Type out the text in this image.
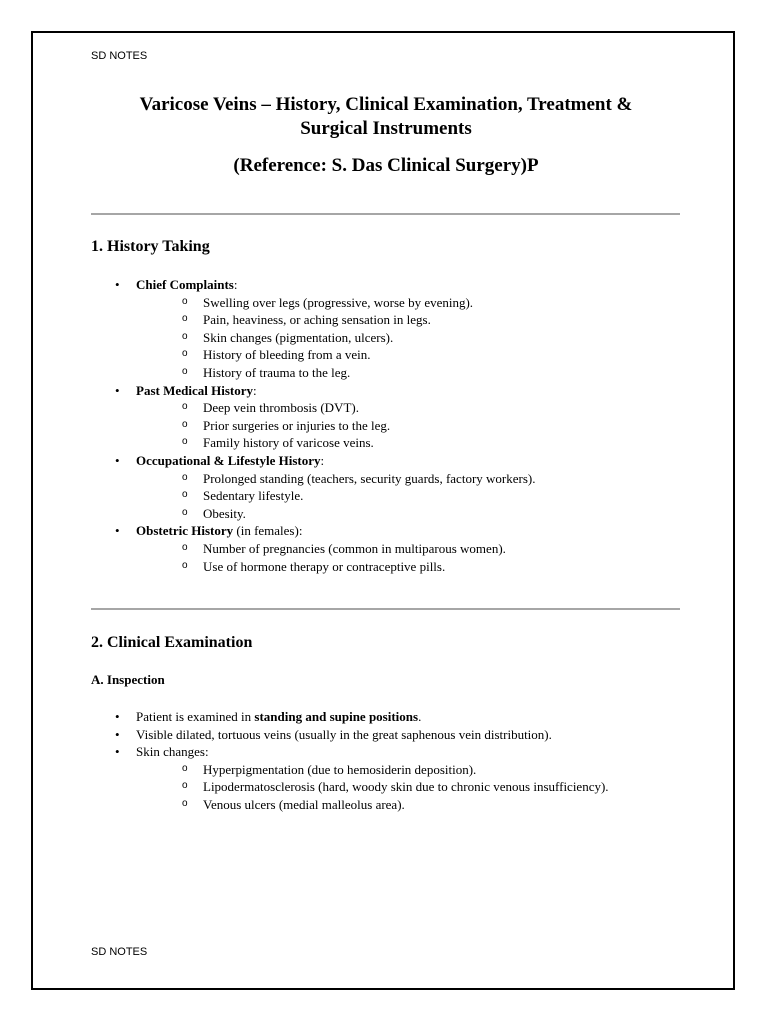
SD NOTES
Varicose Veins – History, Clinical Examination, Treatment &
Surgical Instruments
(Reference: S. Das Clinical Surgery)P
1. History Taking
• Chief Complaints:
o Swelling over legs (progressive, worse by evening).
o Pain, heaviness, or aching sensation in legs.
o Skin changes (pigmentation, ulcers).
o History of bleeding from a vein.
o History of trauma to the leg.
• Past Medical History:
o Deep vein thrombosis (DVT).
o Prior surgeries or injuries to the leg.
o Family history of varicose veins.
• Occupational & Lifestyle History:
o Prolonged standing (teachers, security guards, factory workers).
o Sedentary lifestyle.
o Obesity.
• Obstetric History (in females):
o Number of pregnancies (common in multiparous women).
o Use of hormone therapy or contraceptive pills.
2. Clinical Examination
A. Inspection
• Patient is examined in standing and supine positions.
• Visible dilated, tortuous veins (usually in the great saphenous vein distribution).
• Skin changes:
o Hyperpigmentation (due to hemosiderin deposition).
o Lipodermatosclerosis (hard, woody skin due to chronic venous insufficiency).
o Venous ulcers (medial malleolus area).
SD NOTES
